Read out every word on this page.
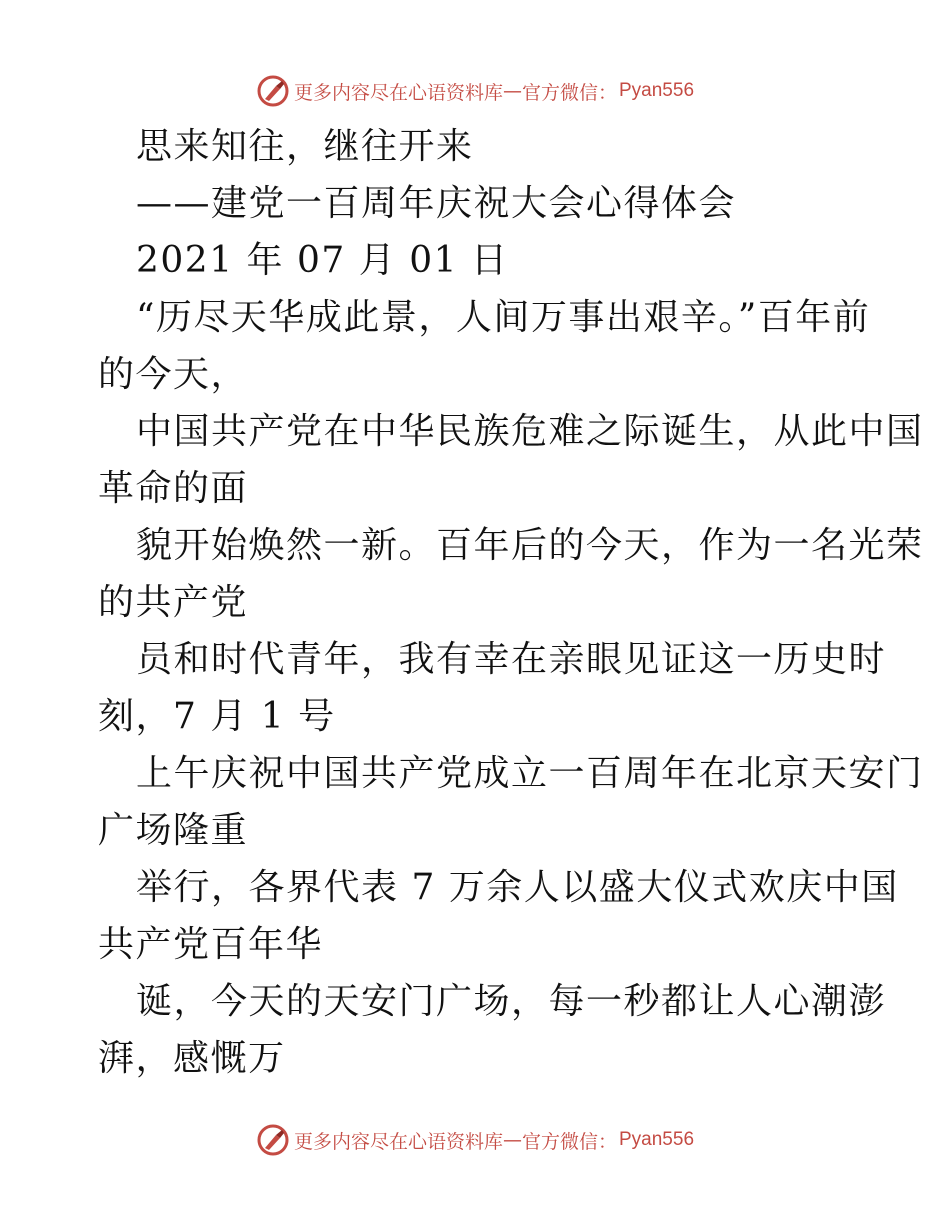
更多内容尽在心语资料库 — 官方微信： Pyan556
思来知往，继往开来
——建党一百周年庆祝大会心得体会
2021 年 07 月 01 日
“历尽天华成此景，人间万事出艰辛。”百年前
的今天，
中国共产党在中华民族危难之际诞生，从此中国
革命的面
貌开始焕然一新。百年后的今天，作为一名光荣
的共产党
员和时代青年，我有幸在亲眼见证这一历史时
刻，7 月 1 号
上午庆祝中国共产党成立一百周年在北京天安门
广场隆重
举行，各界代表 7 万余人以盛大仪式欢庆中国
共产党百年华
诞，今天的天安门广场，每一秒都让人心潮澎
湃，感慨万
更多内容尽在心语资料库 — 官方微信： Pyan556
